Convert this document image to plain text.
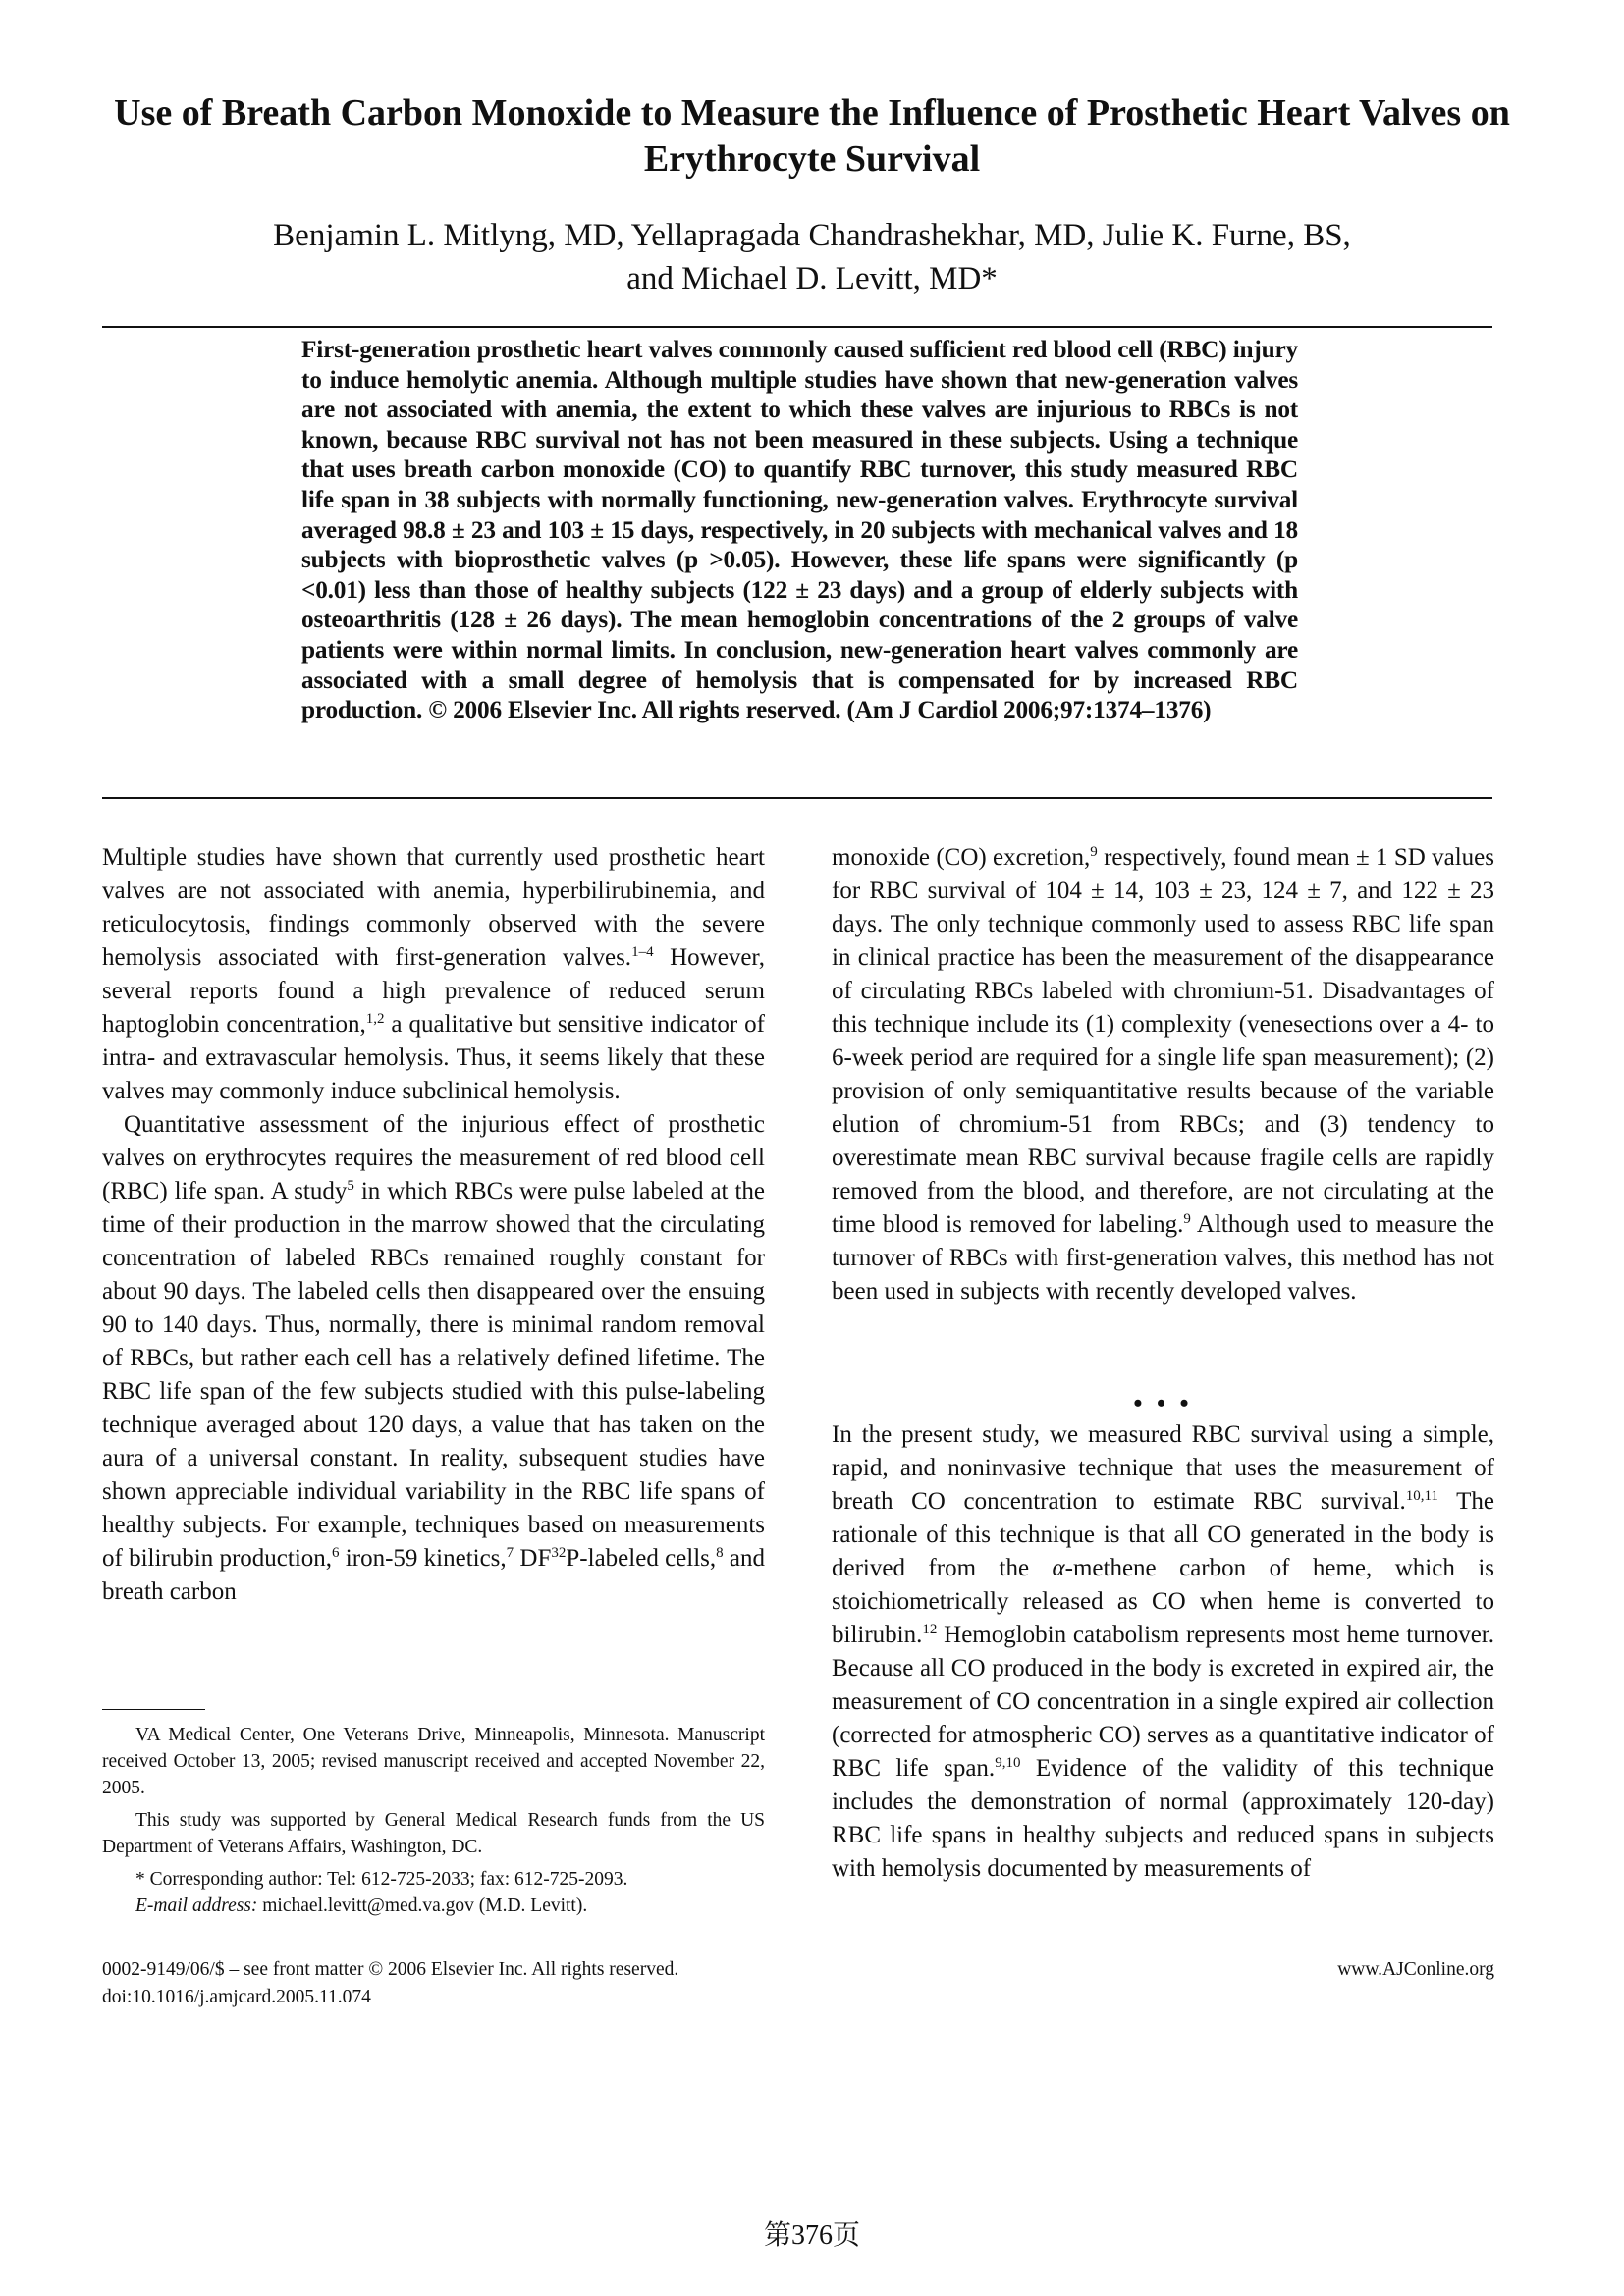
Use of Breath Carbon Monoxide to Measure the Influence of Prosthetic Heart Valves on Erythrocyte Survival
Benjamin L. Mitlyng, MD, Yellapragada Chandrashekhar, MD, Julie K. Furne, BS,
and Michael D. Levitt, MD*
First-generation prosthetic heart valves commonly caused sufficient red blood cell (RBC) injury to induce hemolytic anemia. Although multiple studies have shown that new-generation valves are not associated with anemia, the extent to which these valves are injurious to RBCs is not known, because RBC survival not has not been measured in these subjects. Using a technique that uses breath carbon monoxide (CO) to quantify RBC turnover, this study measured RBC life span in 38 subjects with normally functioning, new-generation valves. Erythrocyte survival averaged 98.8 ± 23 and 103 ± 15 days, respectively, in 20 subjects with mechanical valves and 18 subjects with bioprosthetic valves (p >0.05). However, these life spans were significantly (p <0.01) less than those of healthy subjects (122 ± 23 days) and a group of elderly subjects with osteoarthritis (128 ± 26 days). The mean hemoglobin concentrations of the 2 groups of valve patients were within normal limits. In conclusion, new-generation heart valves commonly are associated with a small degree of hemolysis that is compensated for by increased RBC production. © 2006 Elsevier Inc. All rights reserved. (Am J Cardiol 2006;97:1374–1376)

Multiple studies have shown that currently used prosthetic heart valves are not associated with anemia, hyperbilirubinemia, and reticulocytosis, findings commonly observed with the severe hemolysis associated with first-generation valves.$^{1-4}$ However, several reports found a high prevalence of reduced serum haptoglobin concentration,$^{1,2}$ a qualitative but sensitive indicator of intra- and extravascular hemolysis. Thus, it seems likely that these valves may commonly induce subclinical hemolysis.

Quantitative assessment of the injurious effect of prosthetic valves on erythrocytes requires the measurement of red blood cell (RBC) life span. A study$^5$ in which RBCs were pulse labeled at the time of their production in the marrow showed that the circulating concentration of labeled RBCs remained roughly constant for about 90 days. The labeled cells then disappeared over the ensuing 90 to 140 days. Thus, normally, there is minimal random removal of RBCs, but rather each cell has a relatively defined lifetime. The RBC life span of the few subjects studied with this pulse-labeling technique averaged about 120 days, a value that has taken on the aura of a universal constant. In reality, subsequent studies have shown appreciable individual variability in the RBC life spans of healthy subjects. For example, techniques based on measurements of bilirubin production,$^6$ iron-59 kinetics,$^7$ DF$^{32}$P-labeled cells,$^8$ and breath carbon

monoxide (CO) excretion,$^9$ respectively, found mean ± 1 SD values for RBC survival of 104 ± 14, 103 ± 23, 124 ± 7, and 122 ± 23 days. The only technique commonly used to assess RBC life span in clinical practice has been the measurement of the disappearance of circulating RBCs labeled with chromium-51. Disadvantages of this technique include its (1) complexity (venesections over a 4- to 6-week period are required for a single life span measurement); (2) provision of only semiquantitative results because of the variable elution of chromium-51 from RBCs; and (3) tendency to overestimate mean RBC survival because fragile cells are rapidly removed from the blood, and therefore, are not circulating at the time blood is removed for labeling.$^9$ Although used to measure the turnover of RBCs with first-generation valves, this method has not been used in subjects with recently developed valves.

• • •

In the present study, we measured RBC survival using a simple, rapid, and noninvasive technique that uses the measurement of breath CO concentration to estimate RBC survival.$^{10,11}$ The rationale of this technique is that all CO generated in the body is derived from the α-methene carbon of heme, which is stoichiometrically released as CO when heme is converted to bilirubin.$^{12}$ Hemoglobin catabolism represents most heme turnover. Because all CO produced in the body is excreted in expired air, the measurement of CO concentration in a single expired air collection (corrected for atmospheric CO) serves as a quantitative indicator of RBC life span.$^{9,10}$ Evidence of the validity of this technique includes the demonstration of normal (approximately 120-day) RBC life spans in healthy subjects and reduced spans in subjects with hemolysis documented by measurements of

VA Medical Center, One Veterans Drive, Minneapolis, Minnesota. Manuscript received October 13, 2005; revised manuscript received and accepted November 22, 2005.

This study was supported by General Medical Research funds from the US Department of Veterans Affairs, Washington, DC.

* Corresponding author: Tel: 612-725-2033; fax: 612-725-2093.

E-mail address: michael.levitt@med.va.gov (M.D. Levitt).

0002-9149/06/$ – see front matter © 2006 Elsevier Inc. All rights reserved.
doi:10.1016/j.amjcard.2005.11.074
www.AJConline.org
第376页
